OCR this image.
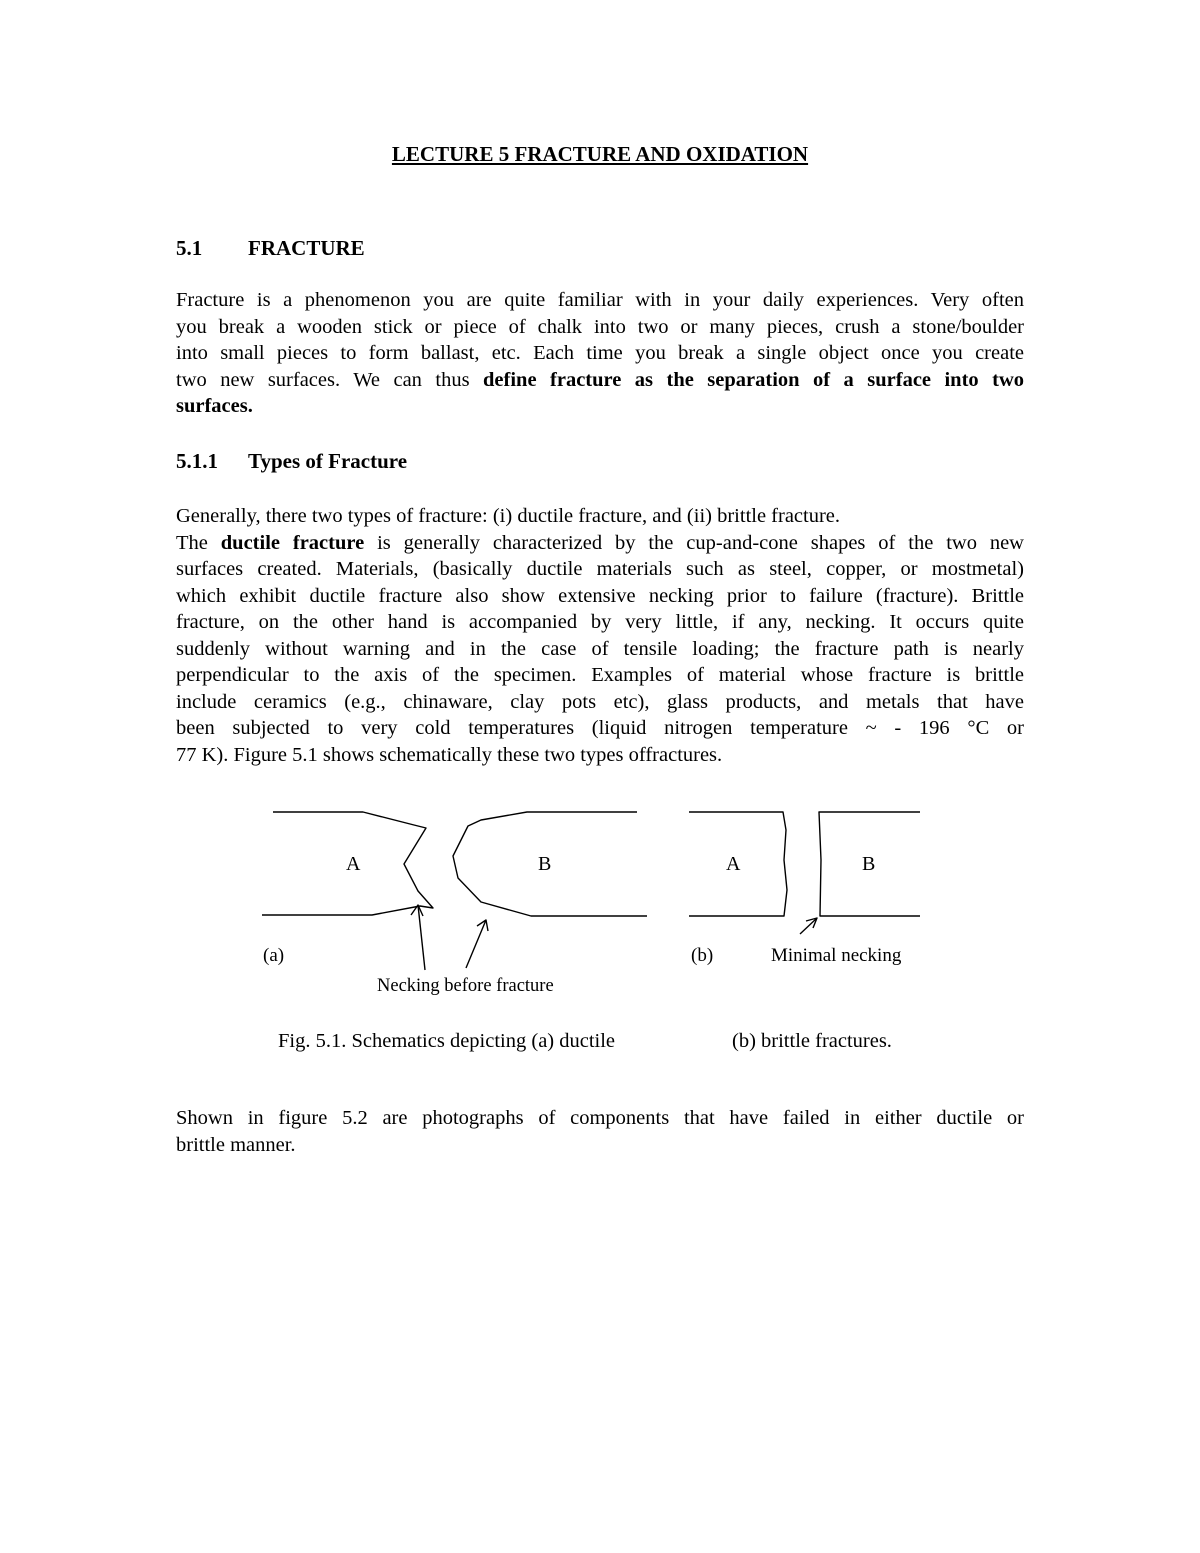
LECTURE 5 FRACTURE AND OXIDATION
5.1 FRACTURE
Fracture is a phenomenon you are quite familiar with in your daily experiences. Very often
you break a wooden stick or piece of chalk into two or many pieces, crush a stone/boulder
into small pieces to form ballast, etc. Each time you break a single object once you create
two new surfaces. We can thus define fracture as the separation of a surface into two
surfaces.
5.1.1 Types of Fracture
Generally, there two types of fracture: (i) ductile fracture, and (ii) brittle fracture.
The ductile fracture is generally characterized by the cup-and-cone shapes of the two new
surfaces created. Materials, (basically ductile materials such as steel, copper, or mostmetal)
which exhibit ductile fracture also show extensive necking prior to failure (fracture). Brittle
fracture, on the other hand is accompanied by very little, if any, necking. It occurs quite
suddenly without warning and in the case of tensile loading; the fracture path is nearly
perpendicular to the axis of the specimen. Examples of material whose fracture is brittle
include ceramics (e.g., chinaware, clay pots etc), glass products, and metals that have
been subjected to very cold temperatures (liquid nitrogen temperature ~ - 196 °C or
77 K). Figure 5.1 shows schematically these two types offractures.
A	B	A	B
(a)	(b)
Necking before fracture
Minimal necking
Fig. 5.1. Schematics depicting (a) ductile	(b) brittle fractures.
Shown in figure 5.2 are photographs of components that have failed in either ductile or
brittle manner.
